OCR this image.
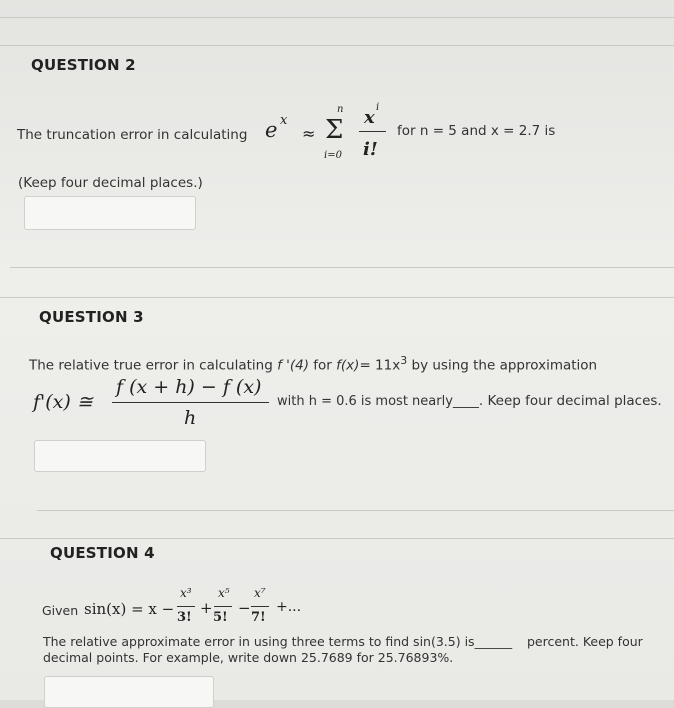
QUESTION 2
The truncation error in calculating e x
≈
n
Σ
i=0
x i
i!
for n = 5 and x = 2.7 is
(Keep four decimal places.)
QUESTION 3
The relative true error in calculating f '(4) for $f(x)= 11x^3$ by using the approximation
f'(x) ≅
f (x + h) − f (x)
h
with h = 0.6 is most nearly____. Keep four decimal places.
QUESTION 4
Given sin(x) = x −
x³
3!
+
x⁵
5!
−
x⁷
7!
+...
The relative approximate error in using three terms to find sin(3.5) is______ percent. Keep four
decimal points. For example, write down 25.7689 for 25.76893%.
